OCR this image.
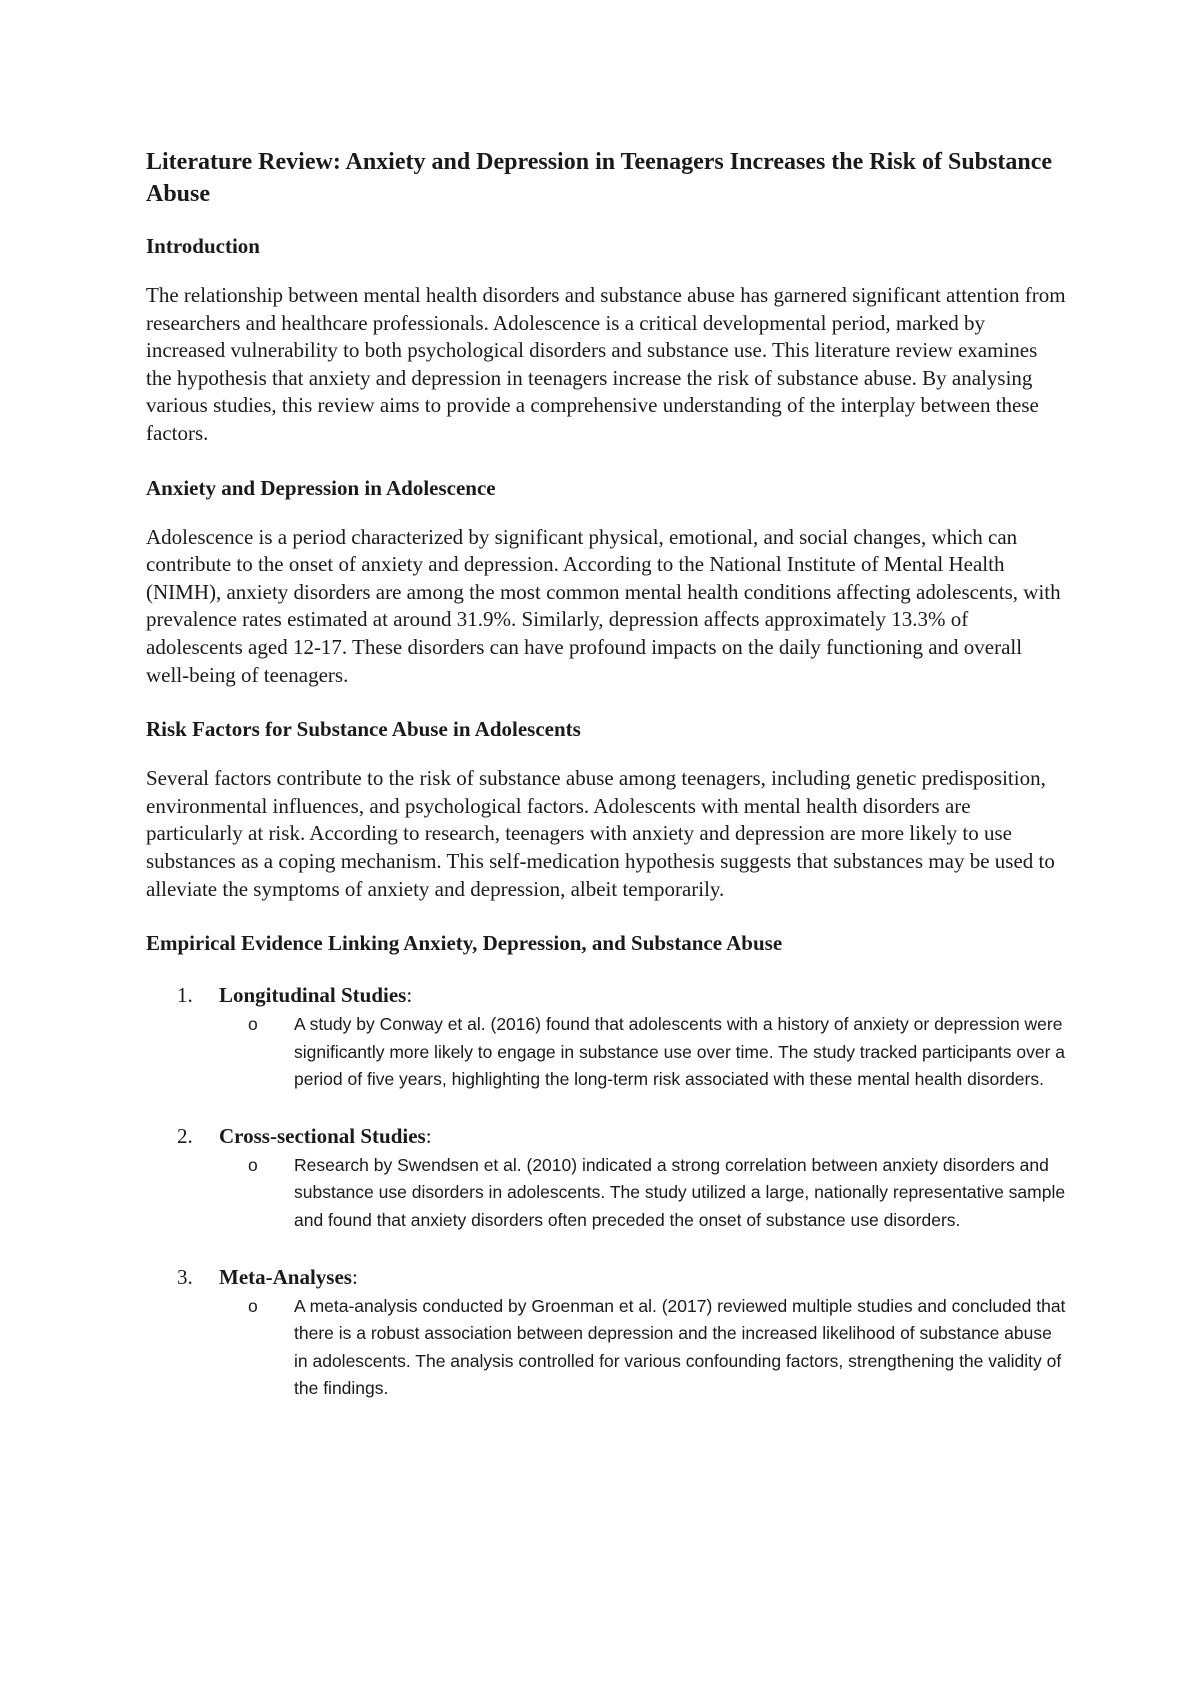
Literature Review: Anxiety and Depression in Teenagers Increases the Risk of Substance Abuse
Introduction

The relationship between mental health disorders and substance abuse has garnered significant attention from researchers and healthcare professionals. Adolescence is a critical developmental period, marked by increased vulnerability to both psychological disorders and substance use. This literature review examines the hypothesis that anxiety and depression in teenagers increase the risk of substance abuse. By analysing various studies, this review aims to provide a comprehensive understanding of the interplay between these factors.

Anxiety and Depression in Adolescence

Adolescence is a period characterized by significant physical, emotional, and social changes, which can contribute to the onset of anxiety and depression. According to the National Institute of Mental Health (NIMH), anxiety disorders are among the most common mental health conditions affecting adolescents, with prevalence rates estimated at around 31.9%. Similarly, depression affects approximately 13.3% of adolescents aged 12-17. These disorders can have profound impacts on the daily functioning and overall well-being of teenagers.

Risk Factors for Substance Abuse in Adolescents

Several factors contribute to the risk of substance abuse among teenagers, including genetic predisposition, environmental influences, and psychological factors. Adolescents with mental health disorders are particularly at risk. According to research, teenagers with anxiety and depression are more likely to use substances as a coping mechanism. This self-medication hypothesis suggests that substances may be used to alleviate the symptoms of anxiety and depression, albeit temporarily.

Empirical Evidence Linking Anxiety, Depression, and Substance Abuse
1. Longitudinal Studies:
o A study by Conway et al. (2016) found that adolescents with a history of anxiety or depression were significantly more likely to engage in substance use over time. The study tracked participants over a period of five years, highlighting the long-term risk associated with these mental health disorders.
2. Cross-sectional Studies:
o Research by Swendsen et al. (2010) indicated a strong correlation between anxiety disorders and substance use disorders in adolescents. The study utilized a large, nationally representative sample and found that anxiety disorders often preceded the onset of substance use disorders.
3. Meta-Analyses:
o A meta-analysis conducted by Groenman et al. (2017) reviewed multiple studies and concluded that there is a robust association between depression and the increased likelihood of substance abuse in adolescents. The analysis controlled for various confounding factors, strengthening the validity of the findings.
